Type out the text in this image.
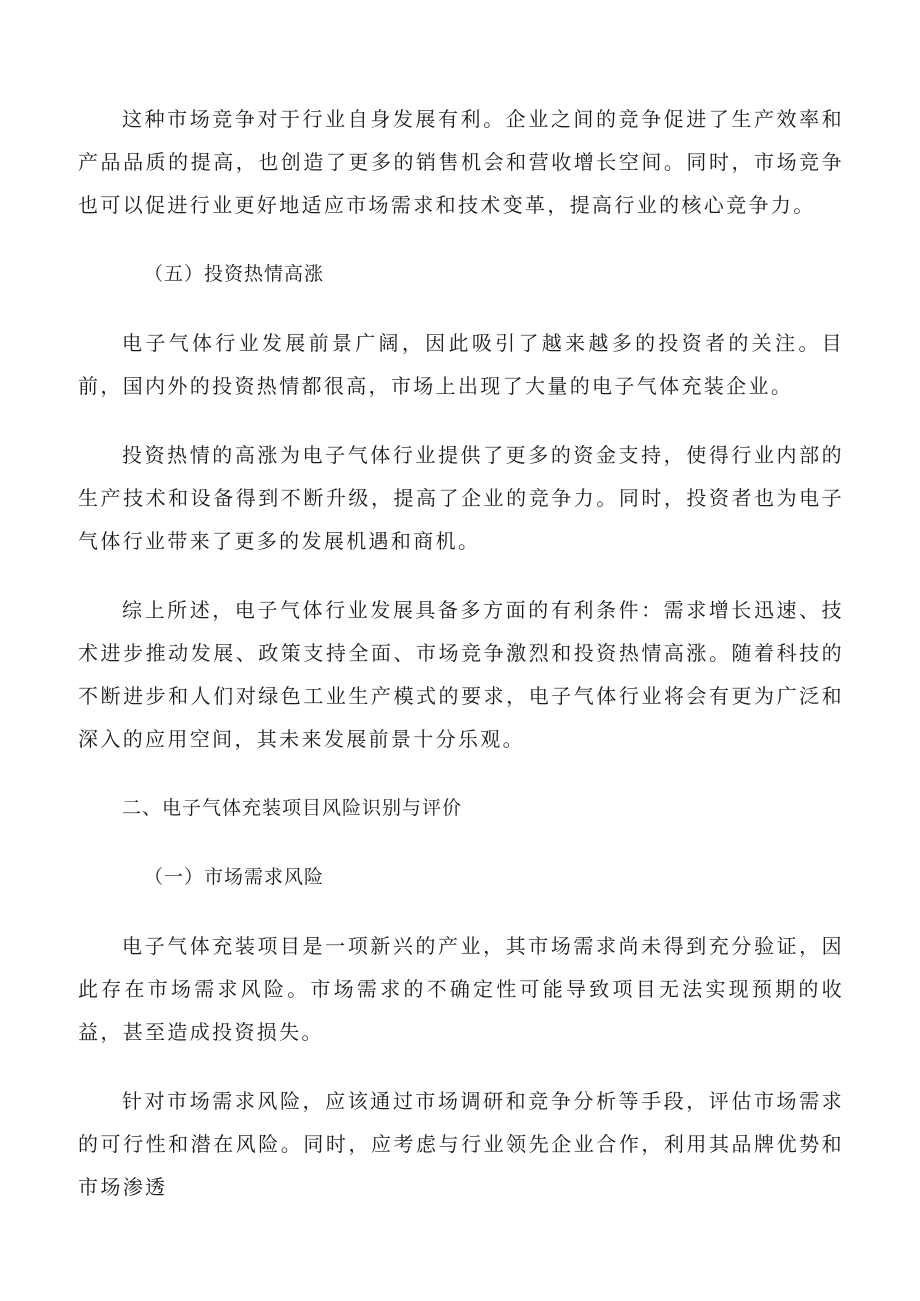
这种市场竞争对于行业自身发展有利。企业之间的竞争促进了生产效率和产品品质的提高，也创造了更多的销售机会和营收增长空间。同时，市场竞争也可以促进行业更好地适应市场需求和技术变革，提高行业的核心竞争力。

（五）投资热情高涨

电子气体行业发展前景广阔，因此吸引了越来越多的投资者的关注。目前，国内外的投资热情都很高，市场上出现了大量的电子气体充装企业。

投资热情的高涨为电子气体行业提供了更多的资金支持，使得行业内部的生产技术和设备得到不断升级，提高了企业的竞争力。同时，投资者也为电子气体行业带来了更多的发展机遇和商机。

综上所述，电子气体行业发展具备多方面的有利条件：需求增长迅速、技术进步推动发展、政策支持全面、市场竞争激烈和投资热情高涨。随着科技的不断进步和人们对绿色工业生产模式的要求，电子气体行业将会有更为广泛和深入的应用空间，其未来发展前景十分乐观。

二、电子气体充装项目风险识别与评价

（一）市场需求风险

电子气体充装项目是一项新兴的产业，其市场需求尚未得到充分验证，因此存在市场需求风险。市场需求的不确定性可能导致项目无法实现预期的收益，甚至造成投资损失。

针对市场需求风险，应该通过市场调研和竞争分析等手段，评估市场需求的可行性和潜在风险。同时，应考虑与行业领先企业合作，利用其品牌优势和市场渗透
